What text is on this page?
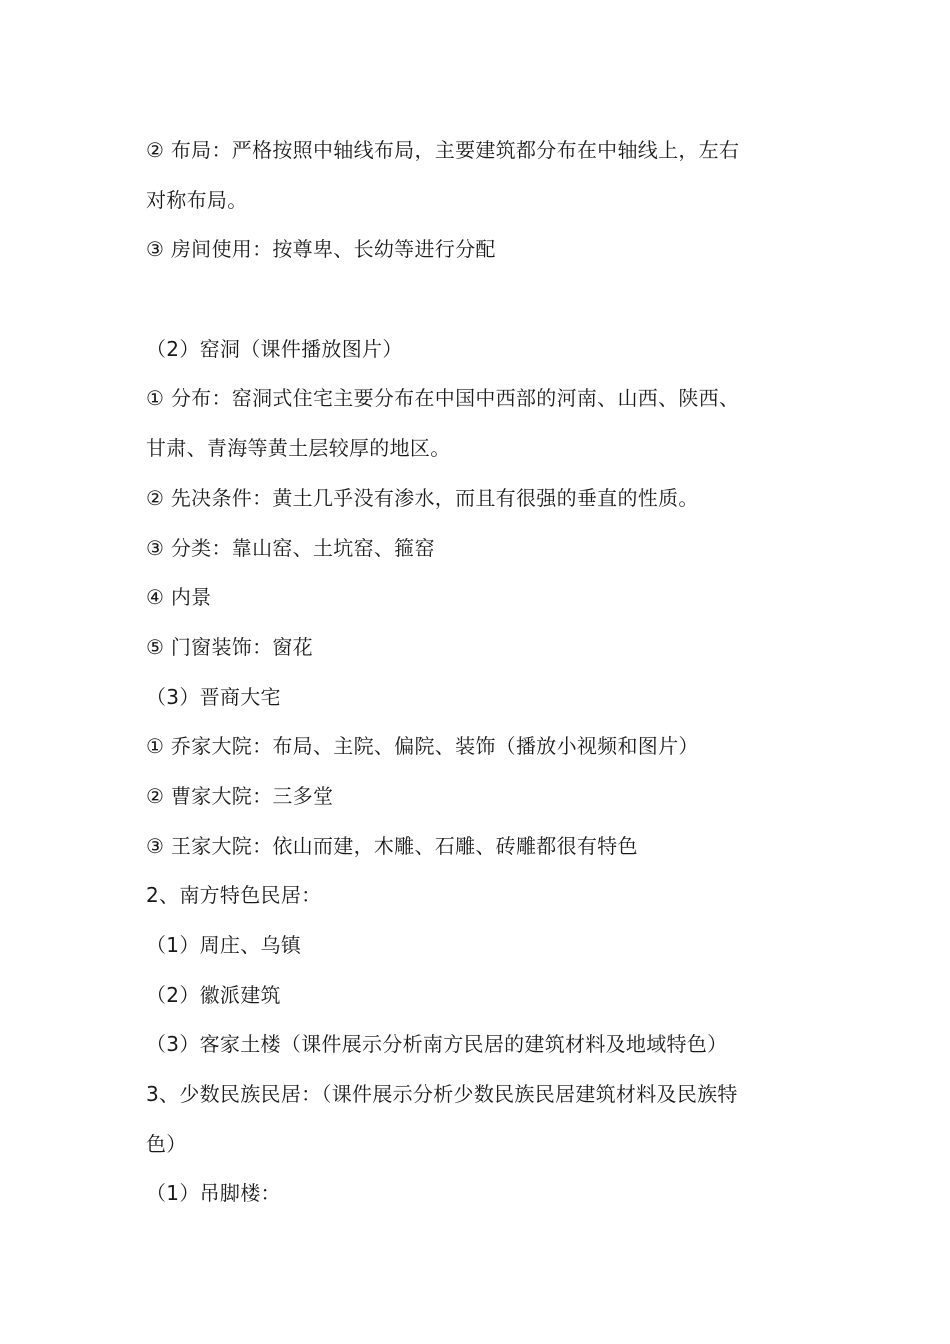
② 布局：严格按照中轴线布局，主要建筑都分布在中轴线上，左右
对称布局。
③ 房间使用：按尊卑、长幼等进行分配
（2）窑洞（课件播放图片）
① 分布：窑洞式住宅主要分布在中国中西部的河南、山西、陕西、
甘肃、青海等黄土层较厚的地区。
② 先决条件：黄土几乎没有渗水，而且有很强的垂直的性质。
③ 分类：靠山窑、土坑窑、箍窑
④ 内景
⑤ 门窗装饰：窗花
（3）晋商大宅
① 乔家大院：布局、主院、偏院、装饰（播放小视频和图片）
② 曹家大院：三多堂
③ 王家大院：依山而建，木雕、石雕、砖雕都很有特色
2、南方特色民居：
（1）周庄、乌镇
（2）徽派建筑
（3）客家土楼（课件展示分析南方民居的建筑材料及地域特色）
3、少数民族民居：（课件展示分析少数民族民居建筑材料及民族特
色）
（1）吊脚楼：
